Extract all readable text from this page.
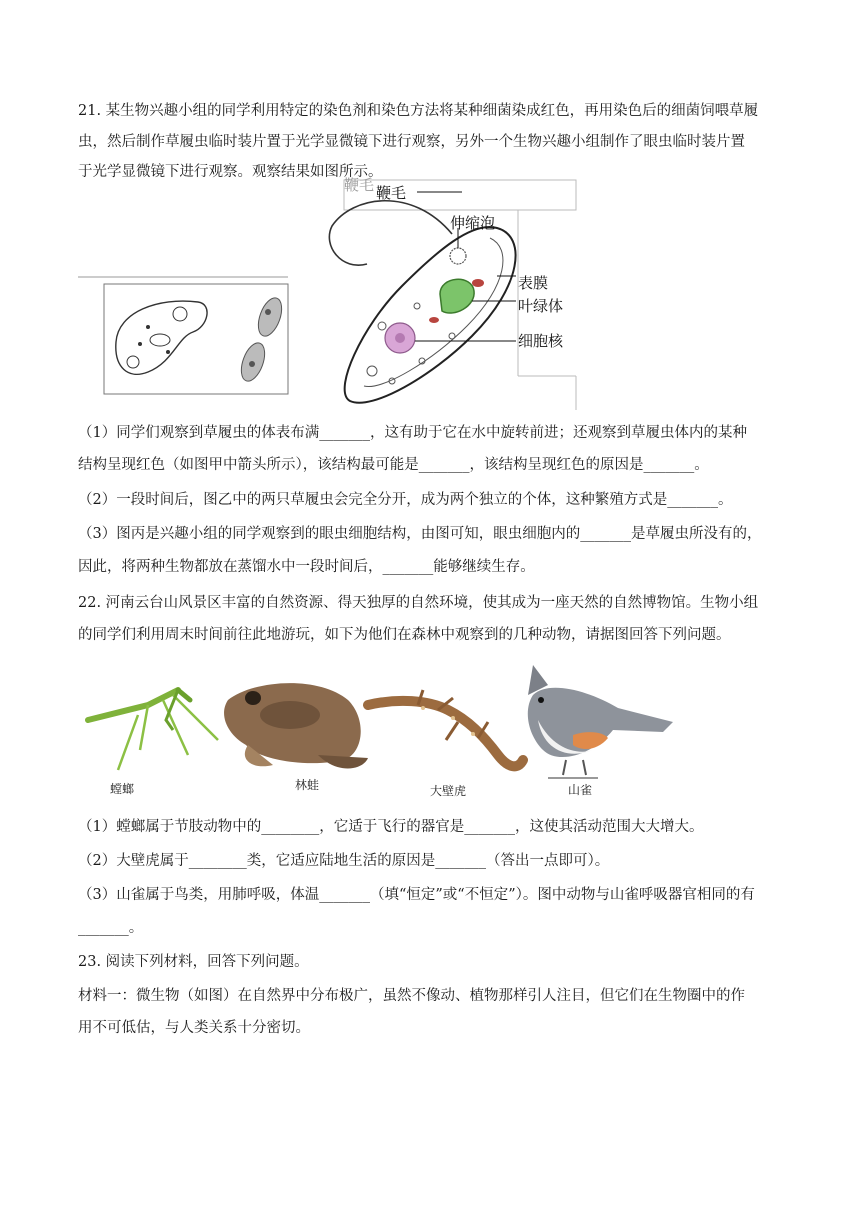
21. 某生物兴趣小组的同学利用特定的染色剂和染色方法将某种细菌染成红色，再用染色后的细菌饲喂草履
虫，然后制作草履虫临时装片置于光学显微镜下进行观察，另外一个生物兴趣小组制作了眼虫临时装片置
于光学显微镜下进行观察。观察结果如图所示。
鞭毛 鞭毛
伸缩泡
表膜
叶绿体
细胞核
（1）同学们观察到草履虫的体表布满_______，这有助于它在水中旋转前进；还观察到草履虫体内的某种
结构呈现红色（如图甲中箭头所示），该结构最可能是_______，该结构呈现红色的原因是_______。
（2）一段时间后，图乙中的两只草履虫会完全分开，成为两个独立的个体，这种繁殖方式是_______。
（3）图丙是兴趣小组的同学观察到的眼虫细胞结构，由图可知，眼虫细胞内的_______是草履虫所没有的，
因此，将两种生物都放在蒸馏水中一段时间后，_______能够继续生存。
22. 河南云台山风景区丰富的自然资源、得天独厚的自然环境，使其成为一座天然的自然博物馆。生物小组
的同学们利用周末时间前往此地游玩，如下为他们在森林中观察到的几种动物，请据图回答下列问题。
螳螂	林蛙	大壁虎	山雀
（1）螳螂属于节肢动物中的________，它适于飞行的器官是_______，这使其活动范围大大增大。
（2）大壁虎属于________类，它适应陆地生活的原因是_______（答出一点即可）。
（3）山雀属于鸟类，用肺呼吸，体温_______（填“恒定”或“不恒定”）。图中动物与山雀呼吸器官相同的有
_______。
23. 阅读下列材料，回答下列问题。
材料一：微生物（如图）在自然界中分布极广，虽然不像动、植物那样引人注目，但它们在生物圈中的作
用不可低估，与人类关系十分密切。
